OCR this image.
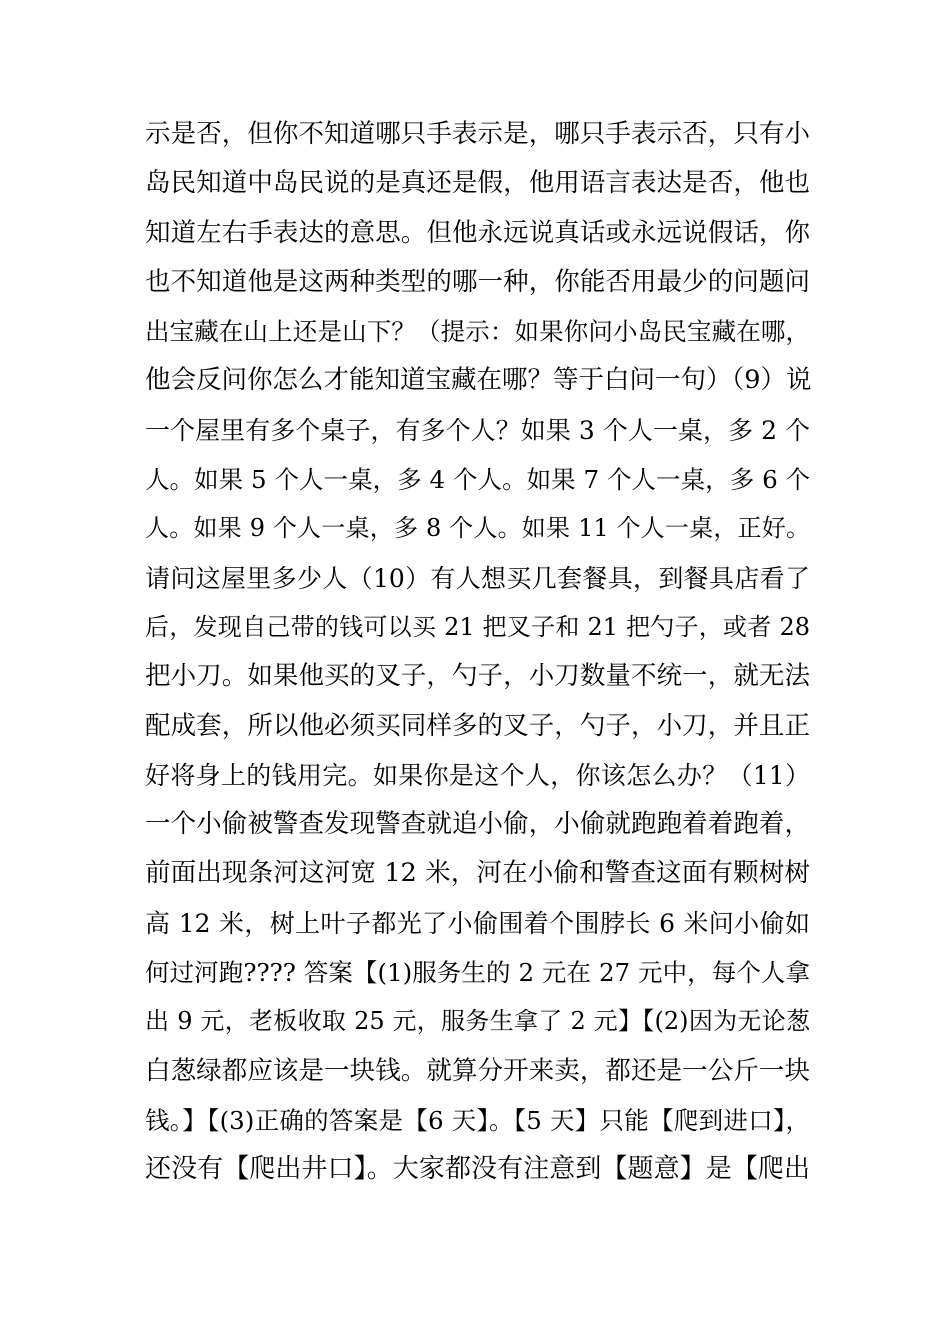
示是否，但你不知道哪只手表示是，哪只手表示否，只有小
岛民知道中岛民说的是真还是假，他用语言表达是否，他也
知道左右手表达的意思。但他永远说真话或永远说假话，你
也不知道他是这两种类型的哪一种，你能否用最少的问题问
出宝藏在山上还是山下？（提示：如果你问小岛民宝藏在哪，
他会反问你怎么才能知道宝藏在哪？等于白问一句）（9）说
一个屋里有多个桌子，有多个人？如果 3 个人一桌，多 2 个
人。如果 5 个人一桌，多 4 个人。如果 7 个人一桌，多 6 个
人。如果 9 个人一桌，多 8 个人。如果 11 个人一桌，正好。
请问这屋里多少人（10）有人想买几套餐具，到餐具店看了
后，发现自己带的钱可以买 21 把叉子和 21 把勺子，或者 28
把小刀。如果他买的叉子，勺子，小刀数量不统一，就无法
配成套，所以他必须买同样多的叉子，勺子，小刀，并且正
好将身上的钱用完。如果你是这个人，你该怎么办？（11）
一个小偷被警查发现警查就追小偷，小偷就跑跑着着跑着，
前面出现条河这河宽 12 米，河在小偷和警查这面有颗树树
高 12 米，树上叶子都光了小偷围着个围脖长 6 米问小偷如
何过河跑???? 答案【(1)服务生的 2 元在 27 元中，每个人拿
出 9 元，老板收取 25 元，服务生拿了 2 元】【(2)因为无论葱
白葱绿都应该是一块钱。就算分开来卖，都还是一公斤一块
钱。】【(3)正确的答案是【6 天】。【5 天】只能【爬到进口】，
还没有【爬出井口】。大家都没有注意到【题意】是【爬出
